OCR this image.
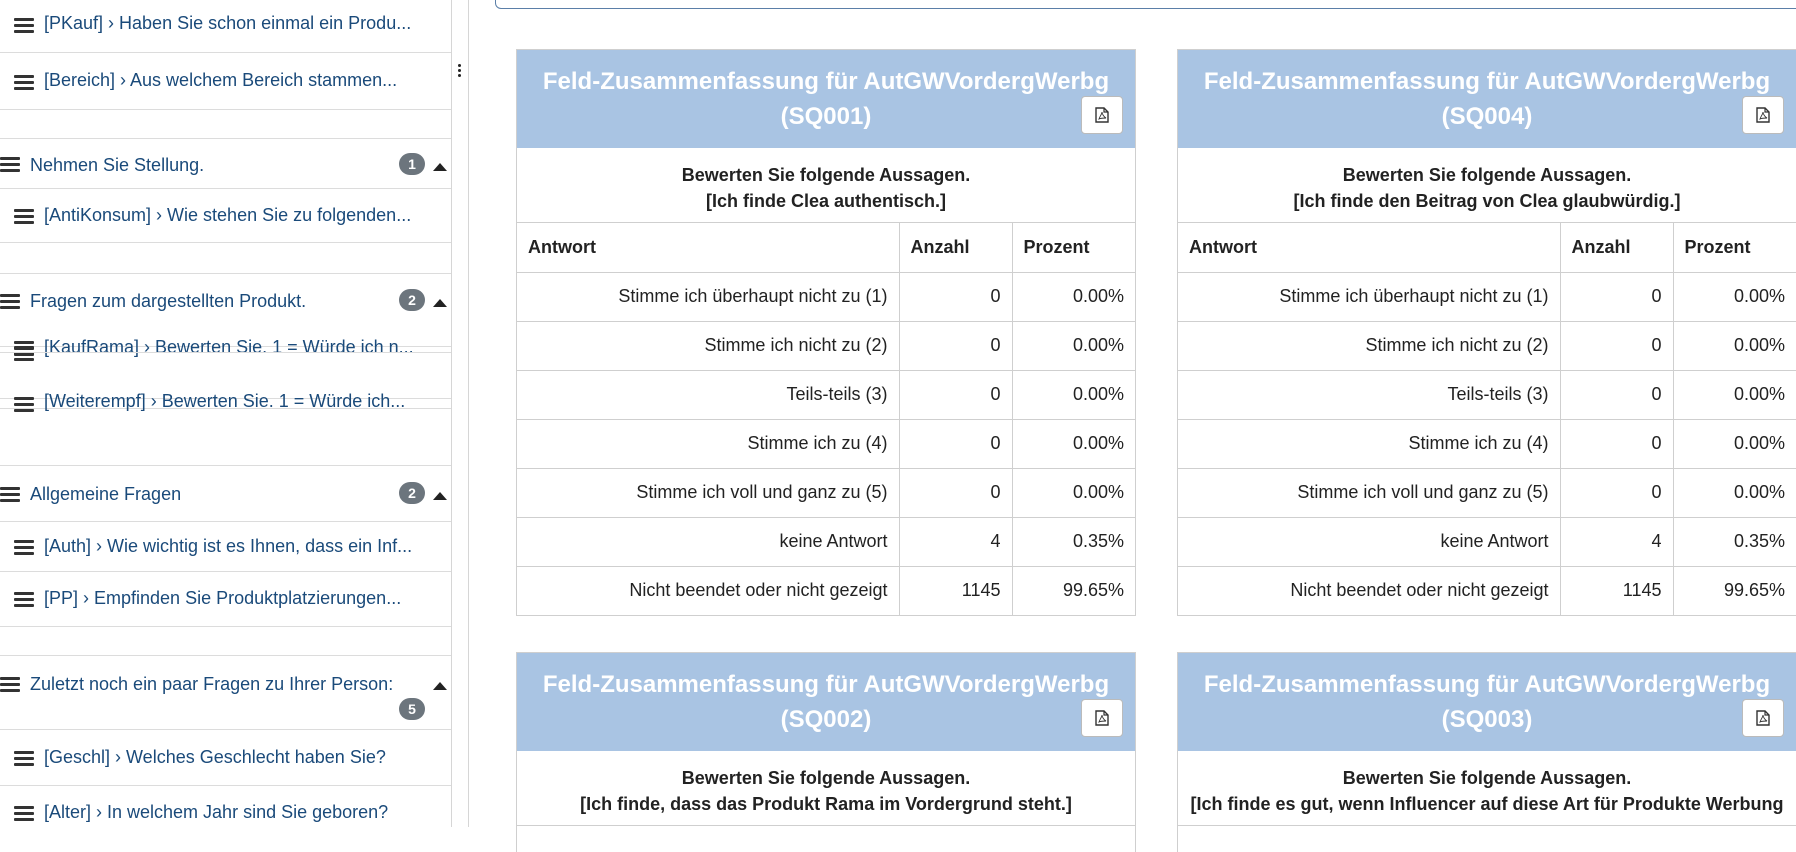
[PKauf] › Haben Sie schon einmal ein Produ...
[Bereich] › Aus welchem Bereich stammen...
Nehmen Sie Stellung.	1
[AntiKonsum] › Wie stehen Sie zu folgenden...
Fragen zum dargestellten Produkt.	2
[KaufRama] › Bewerten Sie. 1 = Würde ich n...
[Weiterempf] › Bewerten Sie. 1 = Würde ich...
Allgemeine Fragen	2
[Auth] › Wie wichtig ist es Ihnen, dass ein Inf...
[PP] › Empfinden Sie Produktplatzierungen...
Zuletzt noch ein paar Fragen zu Ihrer Person:
5
[Geschl] › Welches Geschlecht haben Sie?
[Alter] › In welchem Jahr sind Sie geboren?
Feld-Zusammenfassung für AutGWVordergWerbg
(SQ001)
Bewerten Sie folgende Aussagen.
[Ich finde Clea authentisch.]
Antwort	Anzahl	Prozent
Stimme ich überhaupt nicht zu (1)	0	0.00%
Stimme ich nicht zu (2)	0	0.00%
Teils-teils (3)	0	0.00%
Stimme ich zu (4)	0	0.00%
Stimme ich voll und ganz zu (5)	0	0.00%
keine Antwort	4	0.35%
Nicht beendet oder nicht gezeigt	1145	99.65%
Feld-Zusammenfassung für AutGWVordergWerbg
(SQ004)
Bewerten Sie folgende Aussagen.
[Ich finde den Beitrag von Clea glaubwürdig.]
Antwort	Anzahl	Prozent
Stimme ich überhaupt nicht zu (1)	0	0.00%
Stimme ich nicht zu (2)	0	0.00%
Teils-teils (3)	0	0.00%
Stimme ich zu (4)	0	0.00%
Stimme ich voll und ganz zu (5)	0	0.00%
keine Antwort	4	0.35%
Nicht beendet oder nicht gezeigt	1145	99.65%
Feld-Zusammenfassung für AutGWVordergWerbg
(SQ002)
Bewerten Sie folgende Aussagen.
[Ich finde, dass das Produkt Rama im Vordergrund steht.]
Feld-Zusammenfassung für AutGWVordergWerbg
(SQ003)
Bewerten Sie folgende Aussagen.
[Ich finde es gut, wenn Influencer auf diese Art für Produkte Werbung
